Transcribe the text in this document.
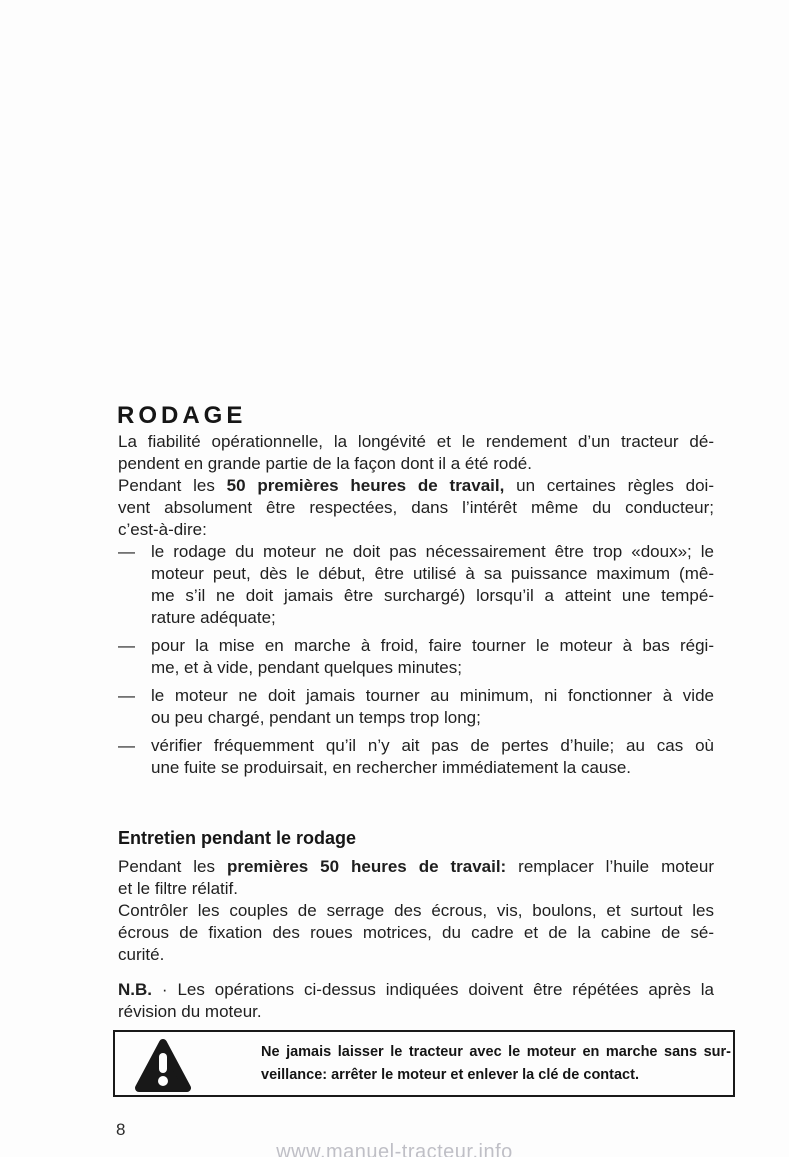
RODAGE
La fiabilité opérationnelle, la longévité et le rendement d’un tracteur dé-
pendent en grande partie de la façon dont il a été rodé.
Pendant les 50 premières heures de travail, un certaines règles doi-
vent absolument être respectées, dans l’intérêt même du conducteur;
c’est-à-dire:
— le rodage du moteur ne doit pas nécessairement être trop «doux»; le
moteur peut, dès le début, être utilisé à sa puissance maximum (mê-
me s’il ne doit jamais être surchargé) lorsqu’il a atteint une tempé-
rature adéquate;
— pour la mise en marche à froid, faire tourner le moteur à bas régi-
me, et à vide, pendant quelques minutes;
— le moteur ne doit jamais tourner au minimum, ni fonctionner à vide
ou peu chargé, pendant un temps trop long;
— vérifier fréquemment qu’il n’y ait pas de pertes d’huile; au cas où
une fuite se produirsait, en rechercher immédiatement la cause.
Entretien pendant le rodage
Pendant les premières 50 heures de travail: remplacer l’huile moteur
et le filtre rélatif.
Contrôler les couples de serrage des écrous, vis, boulons, et surtout les
écrous de fixation des roues motrices, du cadre et de la cabine de sé-
curité.
N.B. · Les opérations ci-dessus indiquées doivent être répétées après la
révision du moteur.
Ne jamais laisser le tracteur avec le moteur en marche sans sur-
veillance: arrêter le moteur et enlever la clé de contact.
8
www.manuel-tracteur.info
